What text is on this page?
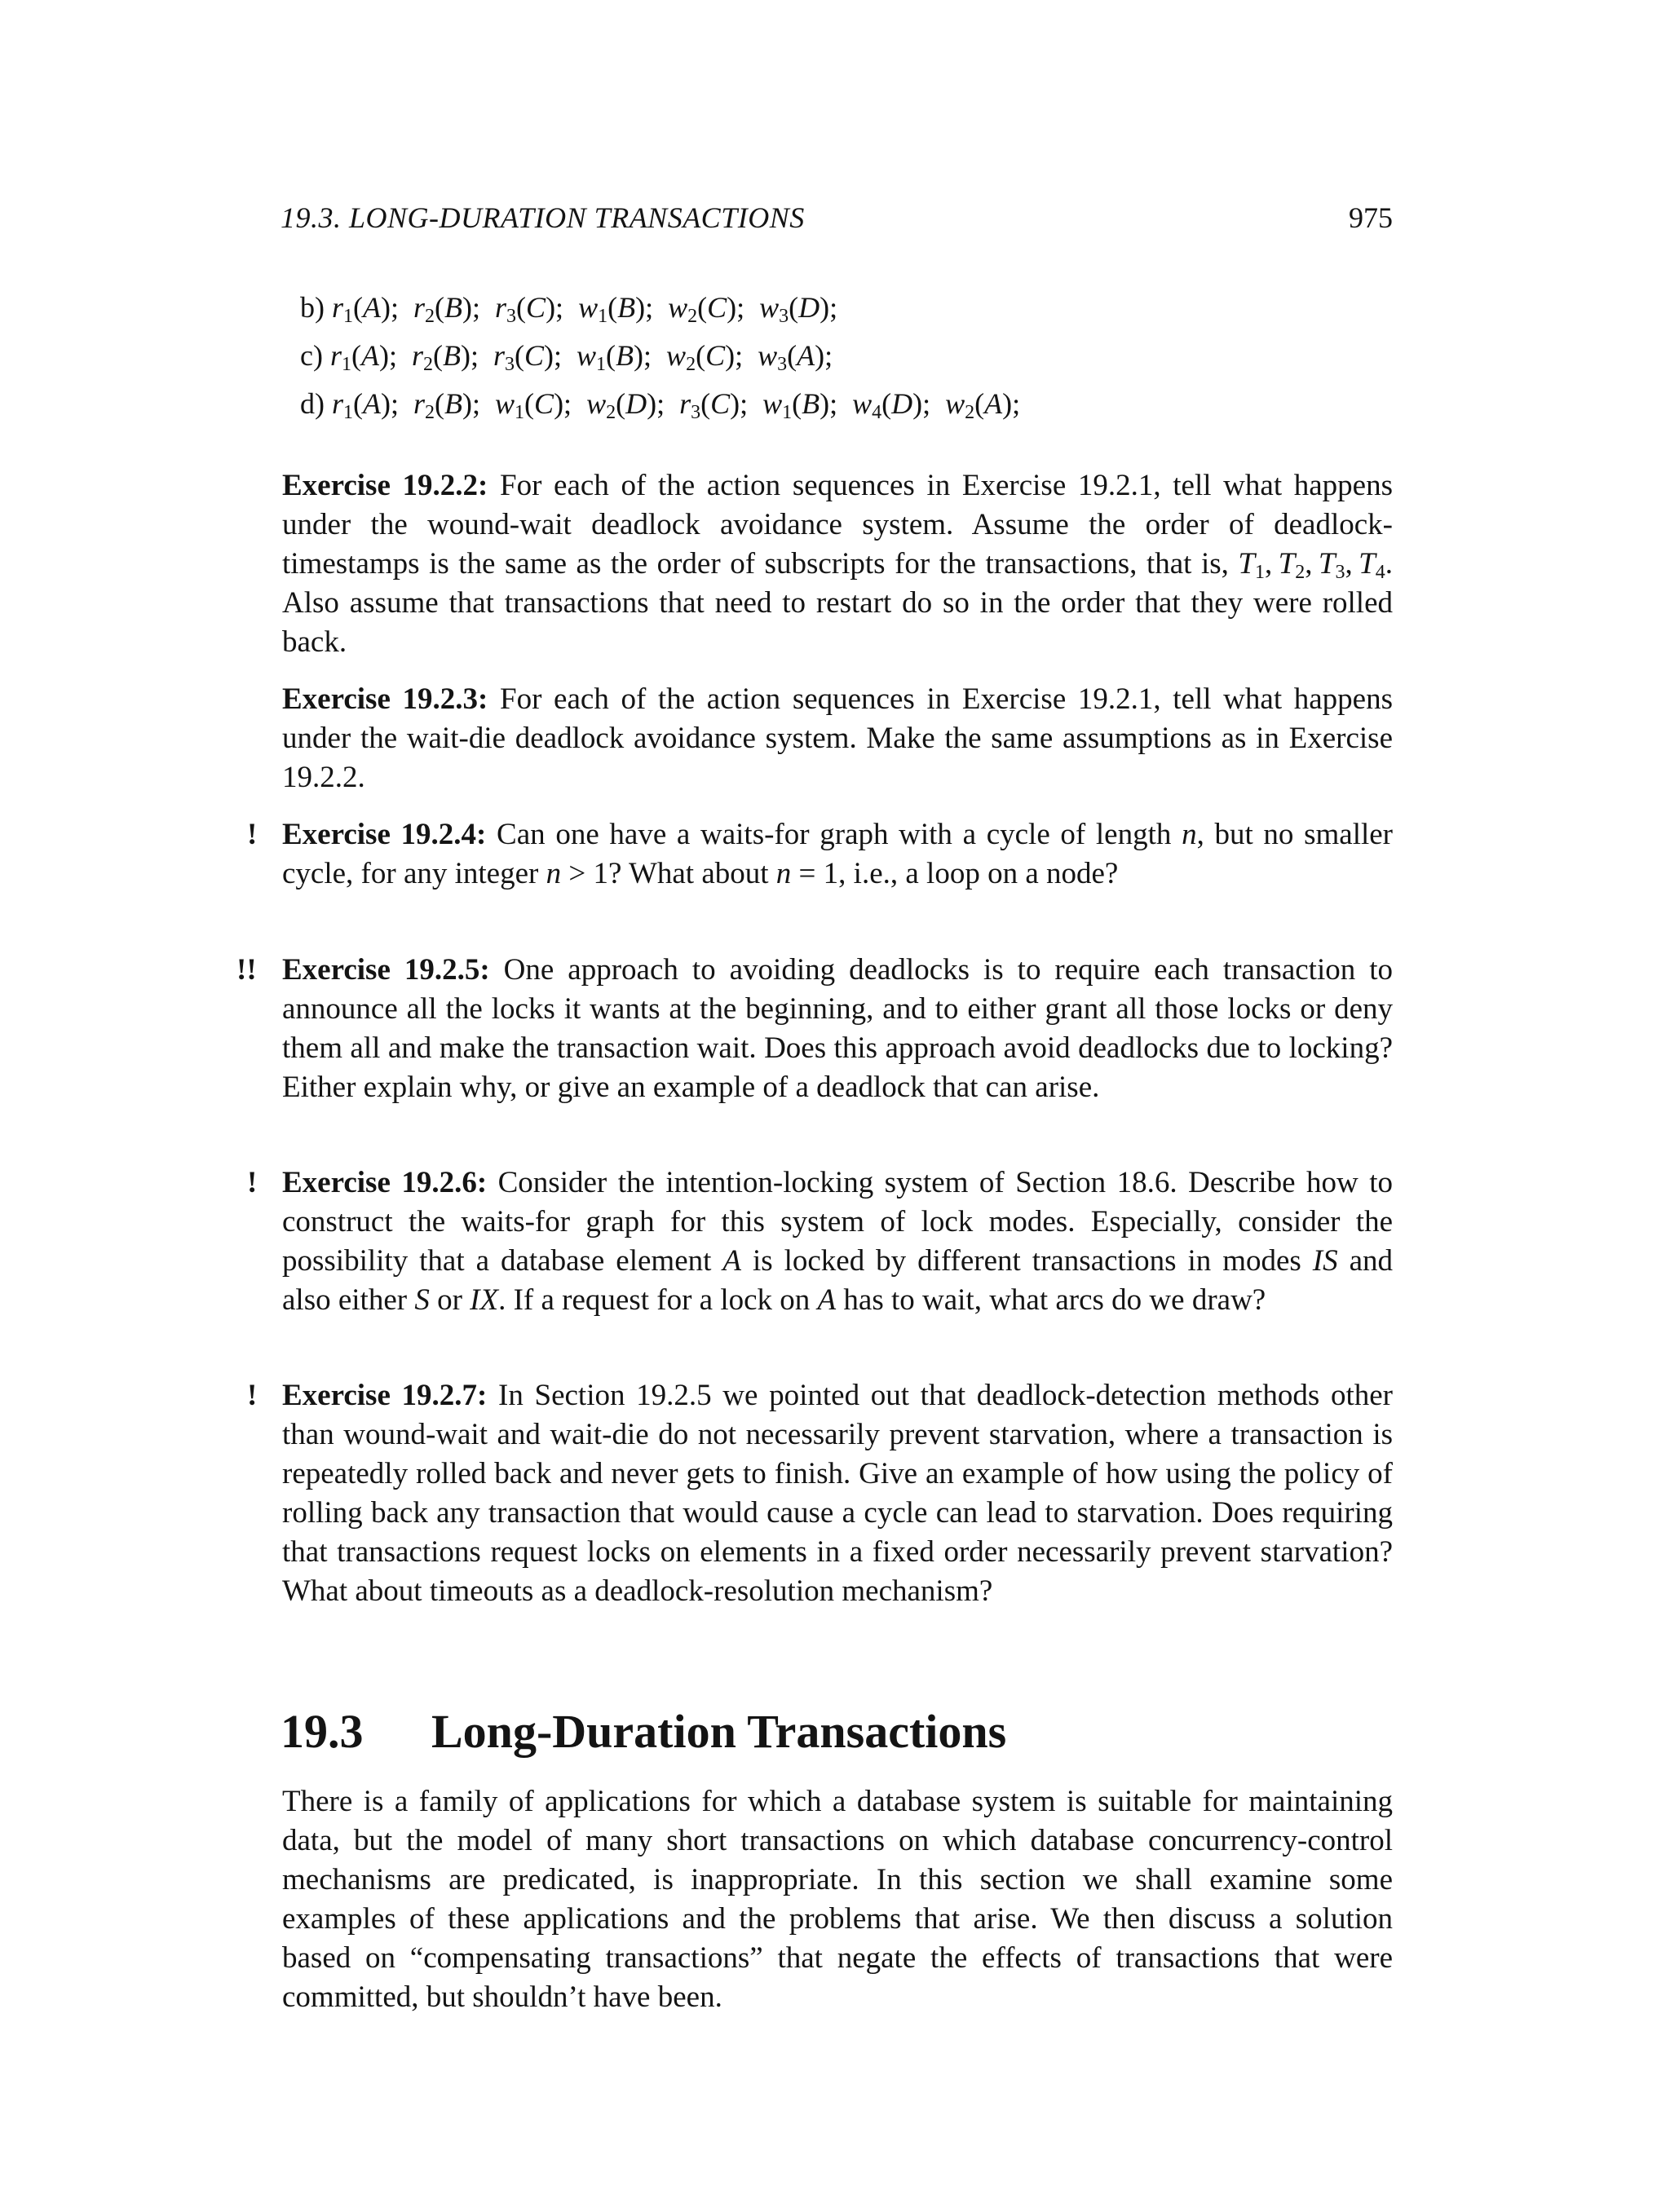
19.3. LONG-DURATION TRANSACTIONS	975
b) $r_1(A)$;  $r_2(B)$;  $r_3(C)$;  $w_1(B)$;  $w_2(C)$;  $w_3(D)$;
c) $r_1(A)$;  $r_2(B)$;  $r_3(C)$;  $w_1(B)$;  $w_2(C)$;  $w_3(A)$;
d) $r_1(A)$;  $r_2(B)$;  $w_1(C)$;  $w_2(D)$;  $r_3(C)$;  $w_1(B)$;  $w_4(D)$;  $w_2(A)$;
Exercise 19.2.2: For each of the action sequences in Exercise 19.2.1, tell what happens under the wound-wait deadlock avoidance system. Assume the order of deadlock-timestamps is the same as the order of subscripts for the transactions, that is, $T_1$, $T_2$, $T_3$, $T_4$. Also assume that transactions that need to restart do so in the order that they were rolled back.
Exercise 19.2.3: For each of the action sequences in Exercise 19.2.1, tell what happens under the wait-die deadlock avoidance system. Make the same assumptions as in Exercise 19.2.2.
! Exercise 19.2.4: Can one have a waits-for graph with a cycle of length n, but no smaller cycle, for any integer n > 1? What about n = 1, i.e., a loop on a node?
!! Exercise 19.2.5: One approach to avoiding deadlocks is to require each transaction to announce all the locks it wants at the beginning, and to either grant all those locks or deny them all and make the transaction wait. Does this approach avoid deadlocks due to locking? Either explain why, or give an example of a deadlock that can arise.
! Exercise 19.2.6: Consider the intention-locking system of Section 18.6. Describe how to construct the waits-for graph for this system of lock modes. Especially, consider the possibility that a database element A is locked by different transactions in modes IS and also either S or IX. If a request for a lock on A has to wait, what arcs do we draw?
! Exercise 19.2.7: In Section 19.2.5 we pointed out that deadlock-detection methods other than wound-wait and wait-die do not necessarily prevent starvation, where a transaction is repeatedly rolled back and never gets to finish. Give an example of how using the policy of rolling back any transaction that would cause a cycle can lead to starvation. Does requiring that transactions request locks on elements in a fixed order necessarily prevent starvation? What about timeouts as a deadlock-resolution mechanism?
19.3 Long-Duration Transactions
There is a family of applications for which a database system is suitable for maintaining data, but the model of many short transactions on which database concurrency-control mechanisms are predicated, is inappropriate. In this section we shall examine some examples of these applications and the problems that arise. We then discuss a solution based on “compensating transactions” that negate the effects of transactions that were committed, but shouldn’t have been.
